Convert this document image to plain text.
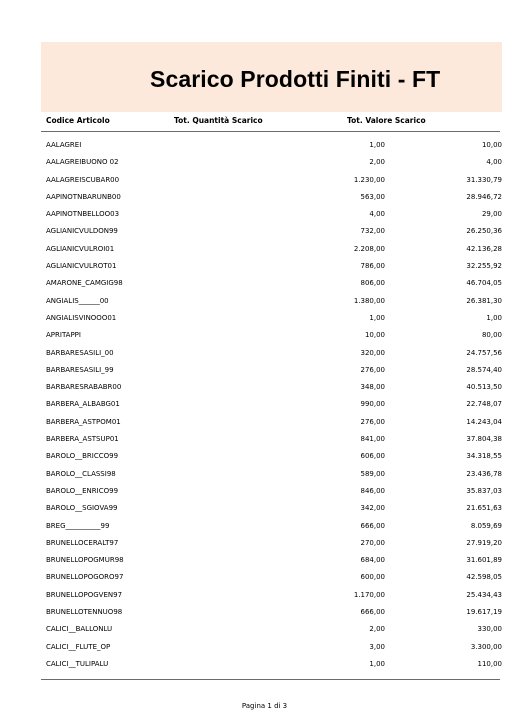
Scarico Prodotti Finiti - FT
Codice Articolo	Tot. Quantità Scarico	Tot. Valore Scarico
AALAGREI	1,00	10,00
AALAGREIBUONO 02	2,00	4,00
AALAGREISCUBAR00	1.230,00	31.330,79
AAPINOTNBARUNB00	563,00	28.946,72
AAPINOTNBELLOO03	4,00	29,00
AGLIANICVULDON99	732,00	26.250,36
AGLIANICVULROI01	2.208,00	42.136,28
AGLIANICVULROT01	786,00	32.255,92
AMARONE_CAMGIG98	806,00	46.704,05
ANGIALIS______00	1.380,00	26.381,30
ANGIALISVINOOO01	1,00	1,00
APRITAPPI	10,00	80,00
BARBARESASILI_00	320,00	24.757,56
BARBARESASILI_99	276,00	28.574,40
BARBARESRABABR00	348,00	40.513,50
BARBERA_ALBABG01	990,00	22.748,07
BARBERA_ASTPOM01	276,00	14.243,04
BARBERA_ASTSUP01	841,00	37.804,38
BAROLO__BRICCO99	606,00	34.318,55
BAROLO__CLASSI98	589,00	23.436,78
BAROLO__ENRICO99	846,00	35.837,03
BAROLO__SGIOVA99	342,00	21.651,63
BREG__________99	666,00	8.059,69
BRUNELLOCERALT97	270,00	27.919,20
BRUNELLOPOGMUR98	684,00	31.601,89
BRUNELLOPOGORO97	600,00	42.598,05
BRUNELLOPOGVEN97	1.170,00	25.434,43
BRUNELLOTENNUO98	666,00	19.617,19
CALICI__BALLONLU	2,00	330,00
CALICI__FLUTE_OP	3,00	3.300,00
CALICI__TULIPALU	1,00	110,00
Pagina 1 di 3
